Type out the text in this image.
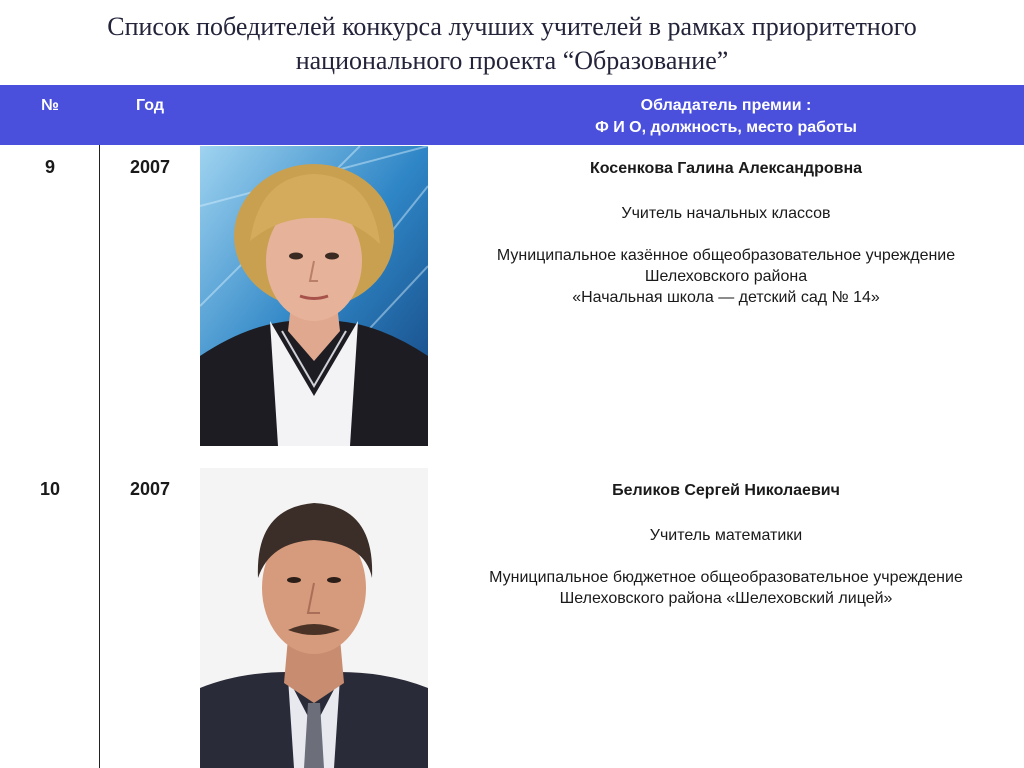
Список победителей конкурса лучших учителей в рамках приоритетного
национального проекта “Образование”
№	Год	Обладатель премии :
Ф И О, должность, место работы
9	2007	Косенкова Галина Александровна
Учитель начальных классов
Муниципальное казённое общеобразовательное учреждение
Шелеховского района
«Начальная школа — детский сад № 14»
10	2007	Беликов Сергей Николаевич
Учитель математики
Муниципальное бюджетное общеобразовательное учреждение
Шелеховского района «Шелеховский лицей»
